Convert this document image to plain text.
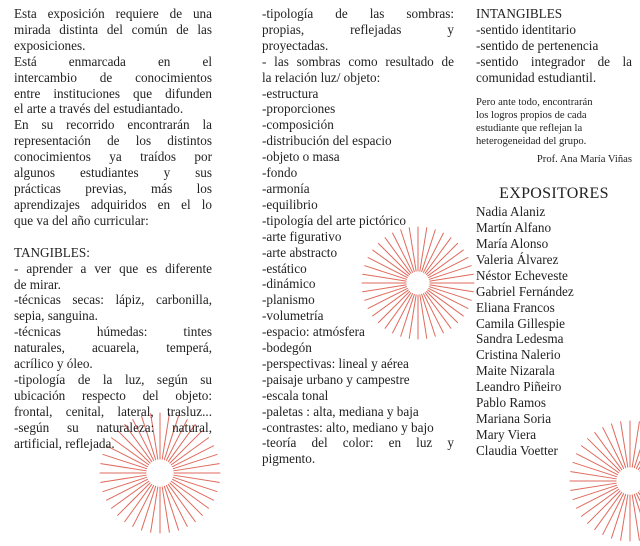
Esta exposición requiere de una
mirada distinta del común de las
exposiciones.
Está enmarcada en el
intercambio de conocimientos
entre instituciones que difunden
el arte a través del estudiantado.
En su recorrido encontrarán la
representación de los distintos
conocimientos ya traídos por
algunos estudiantes y sus
prácticas previas, más los
aprendizajes adquiridos en el lo
que va del año curricular:
TANGIBLES:
- aprender a ver que es diferente
de mirar.
-técnicas secas: lápiz, carbonilla,
sepia, sanguina.
-técnicas húmedas: tintes
naturales, acuarela, temperá,
acrílico y óleo.
-tipología de la luz, según su
ubicación respecto del objeto:
frontal, cenital, lateral, trasluz...
-según su naturaleza: natural,
artificial, reflejada.
-tipología de las sombras:
propias, reflejadas y
proyectadas.
- las sombras como resultado de
la relación luz/ objeto:
-estructura
-proporciones
-composición
-distribución del espacio
-objeto o masa
-fondo
-armonía
-equilibrio
-tipología del arte pictórico
-arte figurativo
-arte abstracto
-estático
-dinámico
-planismo
-volumetría
-espacio: atmósfera
-bodegón
-perspectivas: lineal y aérea
-paisaje urbano y campestre
-escala tonal
-paletas : alta, mediana y baja
-contrastes: alto, mediano y bajo
-teoría del color: en luz y
pigmento.
INTANGIBLES
-sentido identitario
-sentido de pertenencia
-sentido integrador de la
comunidad estudiantil.
Pero ante todo, encontrarán
los logros propios de cada
estudiante que reflejan la
heterogeneidad del grupo.
Prof. Ana María Viñas
EXPOSITORES
Nadia Alaniz
Martín Alfano
María Alonso
Valeria Álvarez
Néstor Echeveste
Gabriel Fernández
Eliana Francos
Camila Gillespie
Sandra Ledesma
Cristina Nalerio
Maite Nizarala
Leandro Piñeiro
Pablo Ramos
Mariana Soria
Mary Viera
Claudia Voetter
